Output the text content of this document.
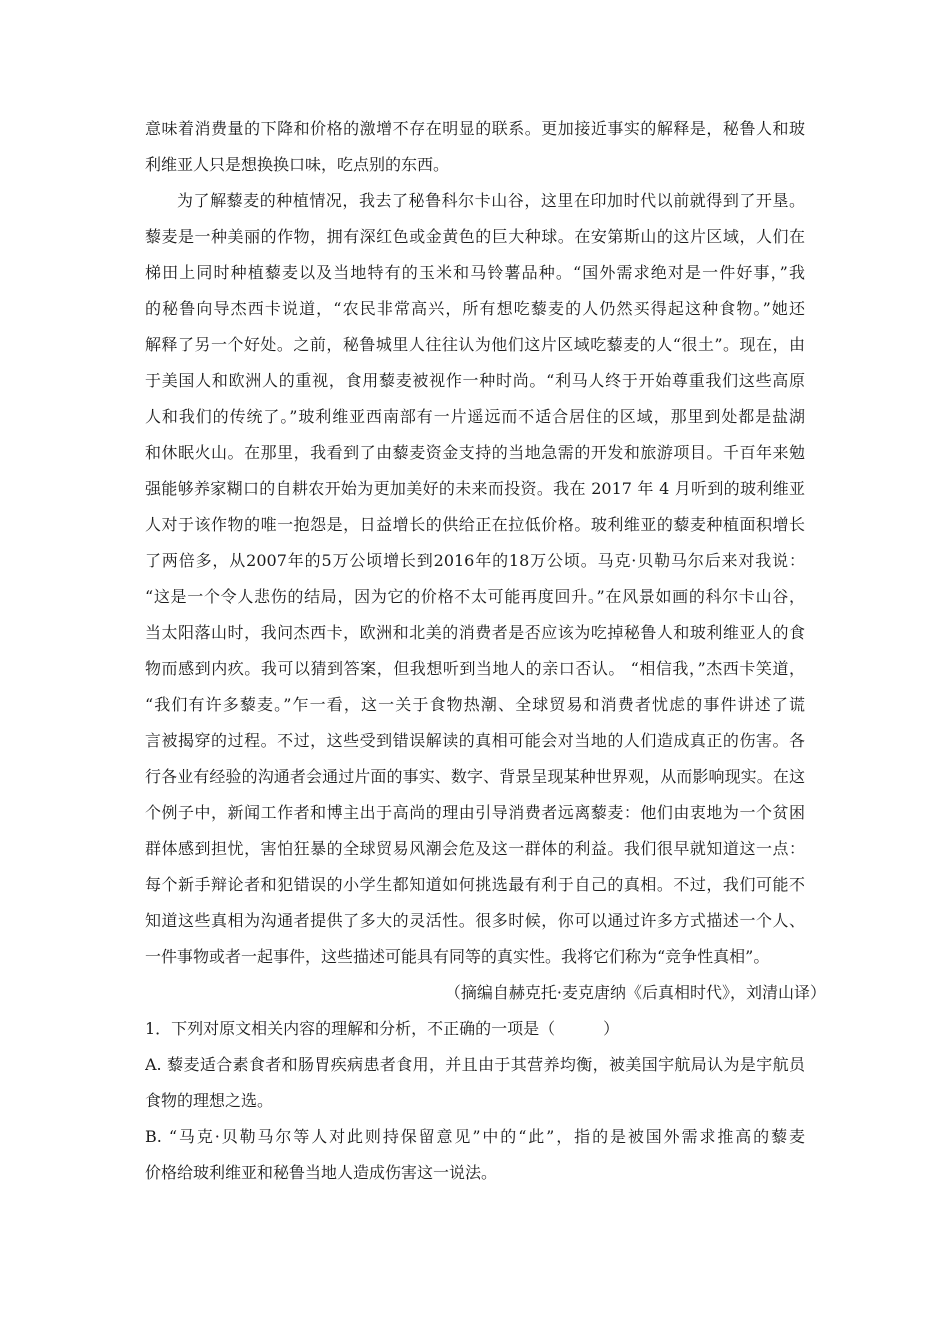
意味着消费量的下降和价格的激增不存在明显的联系。更加接近事实的解释是，秘鲁人和玻
利维亚人只是想换换口味，吃点别的东西。
为了解藜麦的种植情况，我去了秘鲁科尔卡山谷，这里在印加时代以前就得到了开垦。
藜麦是一种美丽的作物，拥有深红色或金黄色的巨大种球。在安第斯山的这片区域，人们在
梯田上同时种植藜麦以及当地特有的玉米和马铃薯品种。“国外需求绝对是一件好事，”我
的秘鲁向导杰西卡说道，“农民非常高兴，所有想吃藜麦的人仍然买得起这种食物。”她还
解释了另一个好处。之前，秘鲁城里人往往认为他们这片区域吃藜麦的人“很土”。现在，由
于美国人和欧洲人的重视，食用藜麦被视作一种时尚。“利马人终于开始尊重我们这些高原
人和我们的传统了。”玻利维亚西南部有一片遥远而不适合居住的区域，那里到处都是盐湖
和休眠火山。在那里，我看到了由藜麦资金支持的当地急需的开发和旅游项目。千百年来勉
强能够养家糊口的自耕农开始为更加美好的未来而投资。我在 2017 年 4 月听到的玻利维亚
人对于该作物的唯一抱怨是，日益增长的供给正在拉低价格。玻利维亚的藜麦种植面积增长
了两倍多，从2007年的5万公顷增长到2016年的18万公顷。马克·贝勒马尔后来对我说：
“这是一个令人悲伤的结局，因为它的价格不太可能再度回升。”在风景如画的科尔卡山谷，
当太阳落山时，我问杰西卡，欧洲和北美的消费者是否应该为吃掉秘鲁人和玻利维亚人的食
物而感到内疚。我可以猜到答案，但我想听到当地人的亲口否认。 “相信我，”杰西卡笑道，
“我们有许多藜麦。”乍一看，这一关于食物热潮、全球贸易和消费者忧虑的事件讲述了谎
言被揭穿的过程。不过，这些受到错误解读的真相可能会对当地的人们造成真正的伤害。各
行各业有经验的沟通者会通过片面的事实、数字、背景呈现某种世界观，从而影响现实。在这
个例子中，新闻工作者和博主出于高尚的理由引导消费者远离藜麦：他们由衷地为一个贫困
群体感到担忧，害怕狂暴的全球贸易风潮会危及这一群体的利益。我们很早就知道这一点：
每个新手辩论者和犯错误的小学生都知道如何挑选最有利于自己的真相。不过，我们可能不
知道这些真相为沟通者提供了多大的灵活性。很多时候，你可以通过许多方式描述一个人、
一件事物或者一起事件，这些描述可能具有同等的真实性。我将它们称为“竞争性真相”。
（摘编自赫克托·麦克唐纳《后真相时代》，刘清山译）
1．下列对原文相关内容的理解和分析，不正确的一项是（　　　）
A. 藜麦适合素食者和肠胃疾病患者食用，并且由于其营养均衡，被美国宇航局认为是宇航员
食物的理想之选。
B. “马克·贝勒马尔等人对此则持保留意见”中的“此”，指的是被国外需求推高的藜麦
价格给玻利维亚和秘鲁当地人造成伤害这一说法。
